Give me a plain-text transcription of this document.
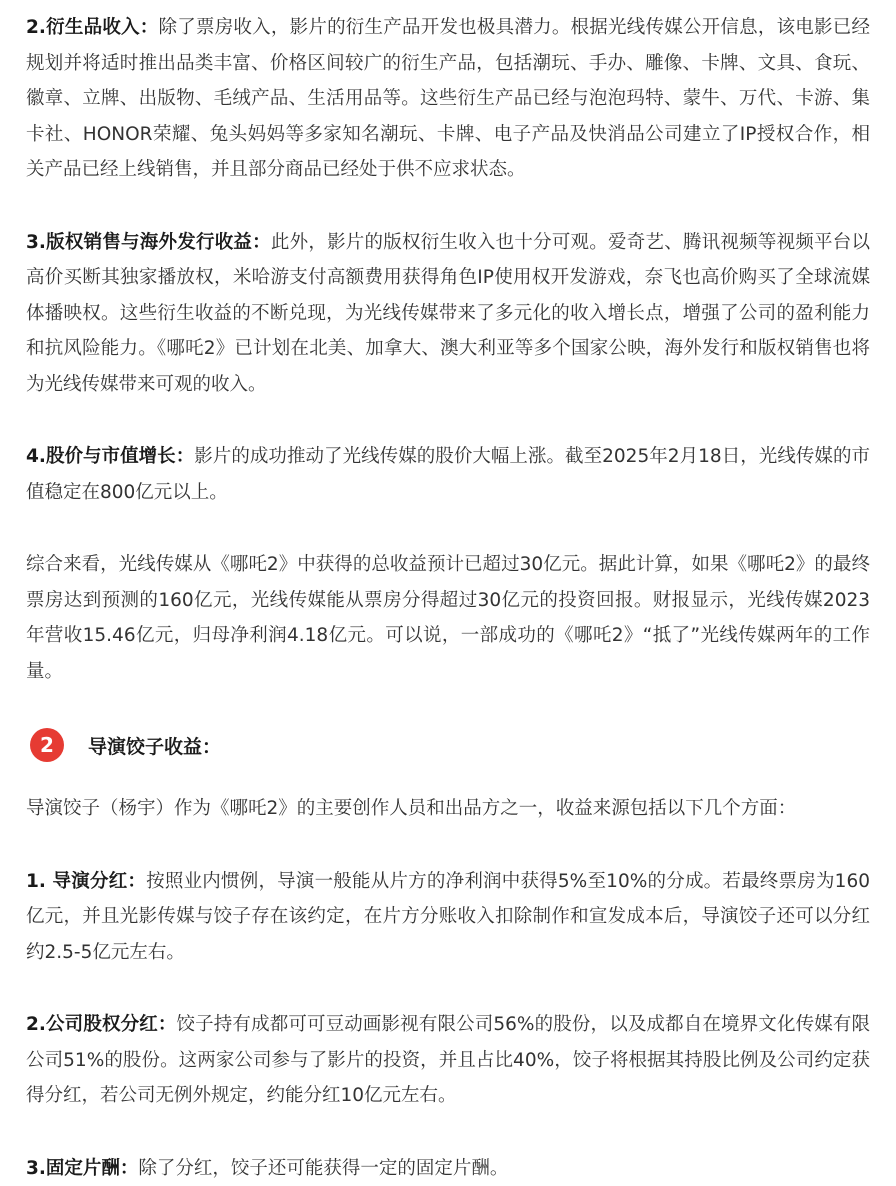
2.衍生品收入：除了票房收入，影片的衍生产品开发也极具潜力。根据光线传媒公开信息，该电影已经规划并将适时推出品类丰富、价格区间较广的衍生产品，包括潮玩、手办、雕像、卡牌、文具、食玩、徽章、立牌、出版物、毛绒产品、生活用品等。这些衍生产品已经与泡泡玛特、蒙牛、万代、卡游、集卡社、HONOR荣耀、兔头妈妈等多家知名潮玩、卡牌、电子产品及快消品公司建立了IP授权合作，相关产品已经上线销售，并且部分商品已经处于供不应求状态。

3.版权销售与海外发行收益：此外，影片的版权衍生收入也十分可观。爱奇艺、腾讯视频等视频平台以高价买断其独家播放权，米哈游支付高额费用获得角色IP使用权开发游戏，奈飞也高价购买了全球流媒体播映权。这些衍生收益的不断兑现，为光线传媒带来了多元化的收入增长点，增强了公司的盈利能力和抗风险能力。《哪吒2》已计划在北美、加拿大、澳大利亚等多个国家公映，海外发行和版权销售也将为光线传媒带来可观的收入。

4.股价与市值增长：影片的成功推动了光线传媒的股价大幅上涨。截至2025年2月18日，光线传媒的市值稳定在800亿元以上。

综合来看，光线传媒从《哪吒2》中获得的总收益预计已超过30亿元。据此计算，如果《哪吒2》的最终票房达到预测的160亿元，光线传媒能从票房分得超过30亿元的投资回报。财报显示，光线传媒2023年营收15.46亿元，归母净利润4.18亿元。可以说，一部成功的《哪吒2》“抵了”光线传媒两年的工作量。

2	导演饺子收益：

导演饺子（杨宇）作为《哪吒2》的主要创作人员和出品方之一，收益来源包括以下几个方面：

1. 导演分红：按照业内惯例，导演一般能从片方的净利润中获得5%至10%的分成。若最终票房为160亿元，并且光影传媒与饺子存在该约定，在片方分账收入扣除制作和宣发成本后，导演饺子还可以分红约2.5-5亿元左右。

2.公司股权分红：饺子持有成都可可豆动画影视有限公司56%的股份，以及成都自在境界文化传媒有限公司51%的股份。这两家公司参与了影片的投资，并且占比40%，饺子将根据其持股比例及公司约定获得分红，若公司无例外规定，约能分红10亿元左右。

3.固定片酬：除了分红，饺子还可能获得一定的固定片酬。
